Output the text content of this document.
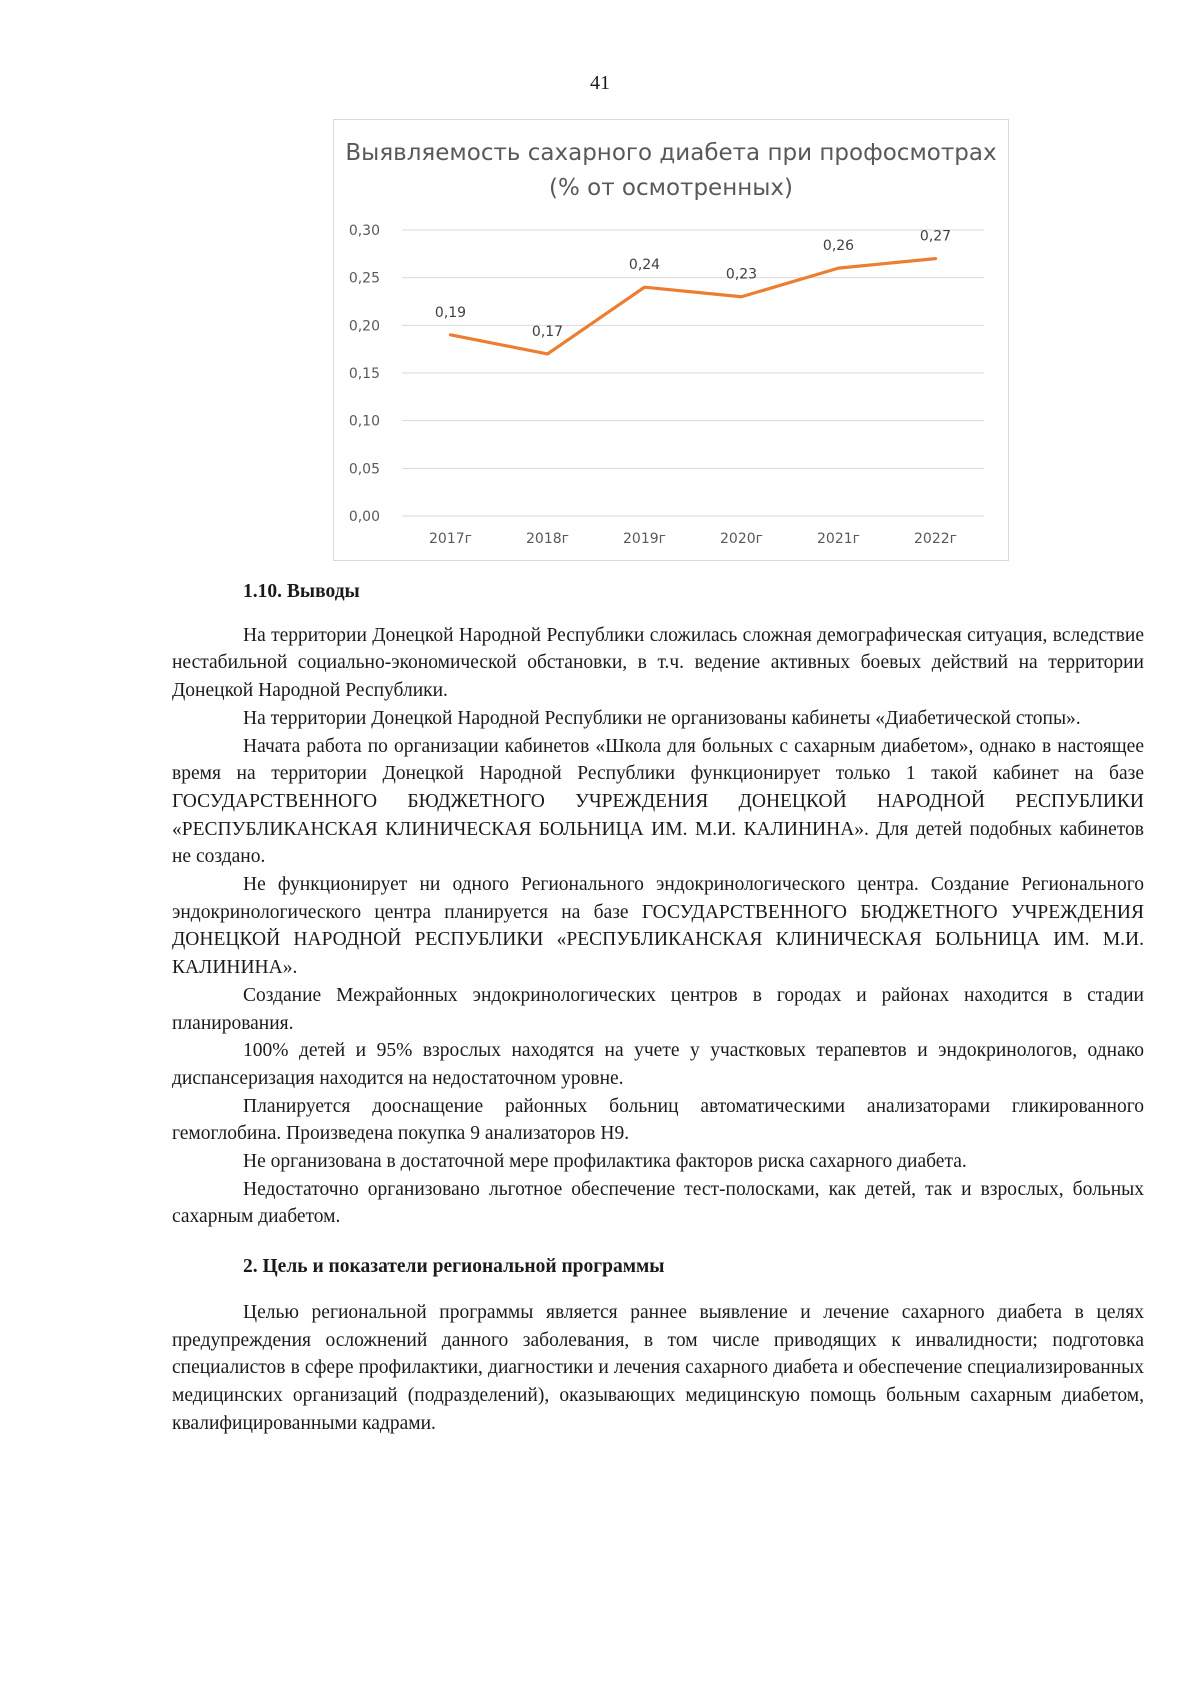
41
Выявляемость сахарного диабета при профосмотрах (% от осмотренных)
0,00
0,05
0,10
0,15
0,20
0,25
0,30
2017г	2018г	2019г	2020г	2021г	2022г
0,19
0,17
0,24
0,23
0,26
0,27
1.10. Выводы

На территории Донецкой Народной Республики сложилась сложная демографическая ситуация, вследствие нестабильной социально-экономической обстановки, в т.ч. ведение активных боевых действий на территории Донецкой Народной Республики.

На территории Донецкой Народной Республики не организованы кабинеты «Диабетической стопы».

Начата работа по организации кабинетов «Школа для больных с сахарным диабетом», однако в настоящее время на территории Донецкой Народной Республики функционирует только 1 такой кабинет на базе ГОСУДАРСТВЕННОГО БЮДЖЕТНОГО УЧРЕЖДЕНИЯ ДОНЕЦКОЙ НАРОДНОЙ РЕСПУБЛИКИ «РЕСПУБЛИКАНСКАЯ КЛИНИЧЕСКАЯ БОЛЬНИЦА ИМ. М.И. КАЛИНИНА». Для детей подобных кабинетов не создано.

Не функционирует ни одного Регионального эндокринологического центра. Создание Регионального эндокринологического центра планируется на базе ГОСУДАРСТВЕННОГО БЮДЖЕТНОГО УЧРЕЖДЕНИЯ ДОНЕЦКОЙ НАРОДНОЙ РЕСПУБЛИКИ «РЕСПУБЛИКАНСКАЯ КЛИНИЧЕСКАЯ БОЛЬНИЦА ИМ. М.И. КАЛИНИНА».

Создание Межрайонных эндокринологических центров в городах и районах находится в стадии планирования.

100% детей и 95% взрослых находятся на учете у участковых терапевтов и эндокринологов, однако диспансеризация находится на недостаточном уровне.

Планируется дооснащение районных больниц автоматическими анализаторами гликированного гемоглобина. Произведена покупка 9 анализаторов Н9.

Не организована в достаточной мере профилактика факторов риска сахарного диабета.

Недостаточно организовано льготное обеспечение тест-полосками, как детей, так и взрослых, больных сахарным диабетом.

2. Цель и показатели региональной программы

Целью региональной программы является раннее выявление и лечение сахарного диабета в целях предупреждения осложнений данного заболевания, в том числе приводящих к инвалидности; подготовка специалистов в сфере профилактики, диагностики и лечения сахарного диабета и обеспечение специализированных медицинских организаций (подразделений), оказывающих медицинскую помощь больным сахарным диабетом, квалифицированными кадрами.
